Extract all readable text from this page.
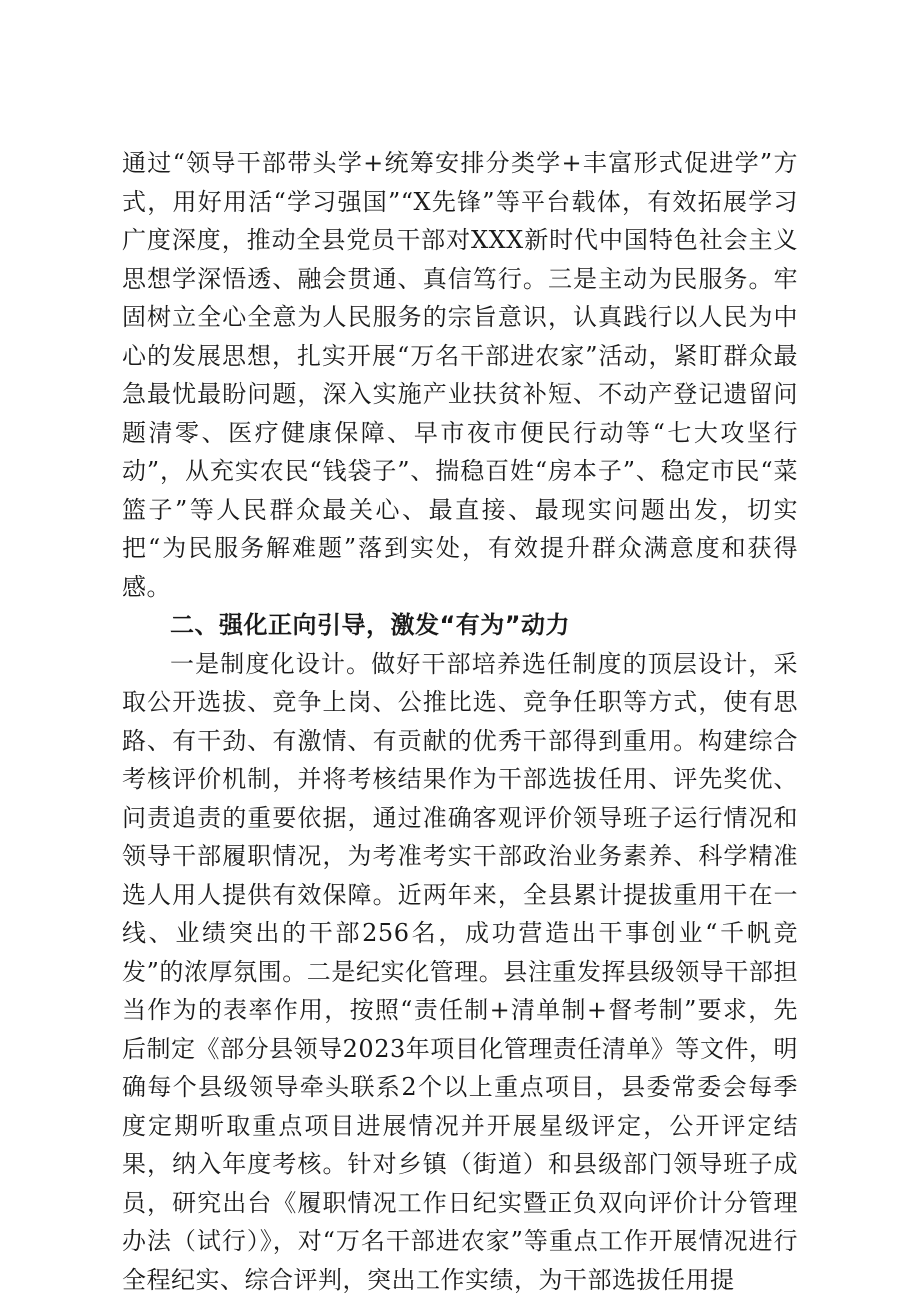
通过“领导干部带头学+统筹安排分类学+丰富形式促进学”方式，用好用活“学习强国”“X先锋”等平台载体，有效拓展学习广度深度，推动全县党员干部对XXX新时代中国特色社会主义思想学深悟透、融会贯通、真信笃行。三是主动为民服务。牢固树立全心全意为人民服务的宗旨意识，认真践行以人民为中心的发展思想，扎实开展“万名干部进农家”活动，紧盯群众最急最忧最盼问题，深入实施产业扶贫补短、不动产登记遗留问题清零、医疗健康保障、早市夜市便民行动等“七大攻坚行动”，从充实农民“钱袋子”、揣稳百姓“房本子”、稳定市民“菜篮子”等人民群众最关心、最直接、最现实问题出发，切实把“为民服务解难题”落到实处，有效提升群众满意度和获得感。

二、强化正向引导，激发“有为”动力

一是制度化设计。做好干部培养选任制度的顶层设计，采取公开选拔、竞争上岗、公推比选、竞争任职等方式，使有思路、有干劲、有激情、有贡献的优秀干部得到重用。构建综合考核评价机制，并将考核结果作为干部选拔任用、评先奖优、问责追责的重要依据，通过准确客观评价领导班子运行情况和领导干部履职情况，为考准考实干部政治业务素养、科学精准选人用人提供有效保障。近两年来，全县累计提拔重用干在一线、业绩突出的干部256名，成功营造出干事创业“千帆竞发”的浓厚氛围。二是纪实化管理。县注重发挥县级领导干部担当作为的表率作用，按照“责任制+清单制+督考制”要求，先后制定《部分县领导2023年项目化管理责任清单》等文件，明确每个县级领导牵头联系2个以上重点项目，县委常委会每季度定期听取重点项目进展情况并开展星级评定，公开评定结果，纳入年度考核。针对乡镇（街道）和县级部门领导班子成员，研究出台《履职情况工作日纪实暨正负双向评价计分管理办法（试行）》，对“万名干部进农家”等重点工作开展情况进行全程纪实、综合评判，突出工作实绩，为干部选拔任用提
